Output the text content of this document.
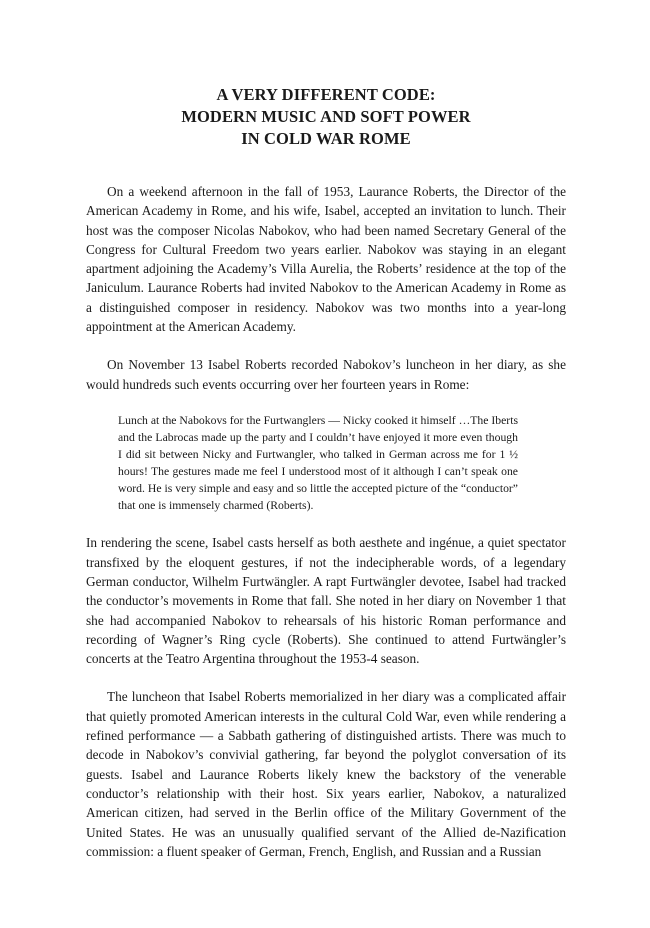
A VERY DIFFERENT CODE:
MODERN MUSIC AND SOFT POWER
IN COLD WAR ROME

On a weekend afternoon in the fall of 1953, Laurance Roberts, the Director of the American Academy in Rome, and his wife, Isabel, accepted an invitation to lunch. Their host was the composer Nicolas Nabokov, who had been named Secretary General of the Congress for Cultural Freedom two years earlier. Nabokov was staying in an elegant apartment adjoining the Academy’s Villa Aurelia, the Roberts’ residence at the top of the Janiculum. Laurance Roberts had invited Nabokov to the American Academy in Rome as a distinguished composer in residency. Nabokov was two months into a year-long appointment at the American Academy.

On November 13 Isabel Roberts recorded Nabokov’s luncheon in her diary, as she would hundreds such events occurring over her fourteen years in Rome:

Lunch at the Nabokovs for the Furtwanglers — Nicky cooked it himself …The Iberts and the Labrocas made up the party and I couldn’t have enjoyed it more even though I did sit between Nicky and Furtwangler, who talked in German across me for 1 ½ hours! The gestures made me feel I understood most of it although I can’t speak one word. He is very simple and easy and so little the accepted picture of the “conductor” that one is immensely charmed (Roberts).

In rendering the scene, Isabel casts herself as both aesthete and ingénue, a quiet spectator transfixed by the eloquent gestures, if not the indecipherable words, of a legendary German conductor, Wilhelm Furtwängler. A rapt Furtwängler devotee, Isabel had tracked the conductor’s movements in Rome that fall. She noted in her diary on November 1 that she had accompanied Nabokov to rehearsals of his historic Roman performance and recording of Wagner’s Ring cycle (Roberts). She continued to attend Furtwängler’s concerts at the Teatro Argentina throughout the 1953-4 season.

The luncheon that Isabel Roberts memorialized in her diary was a complicated affair that quietly promoted American interests in the cultural Cold War, even while rendering a refined performance — a Sabbath gathering of distinguished artists. There was much to decode in Nabokov’s convivial gathering, far beyond the polyglot conversation of its guests. Isabel and Laurance Roberts likely knew the backstory of the venerable conductor’s relationship with their host. Six years earlier, Nabokov, a naturalized American citizen, had served in the Berlin office of the Military Government of the United States. He was an unusually qualified servant of the Allied de-Nazification commission: a fluent speaker of German, French, English, and Russian and a Russian
